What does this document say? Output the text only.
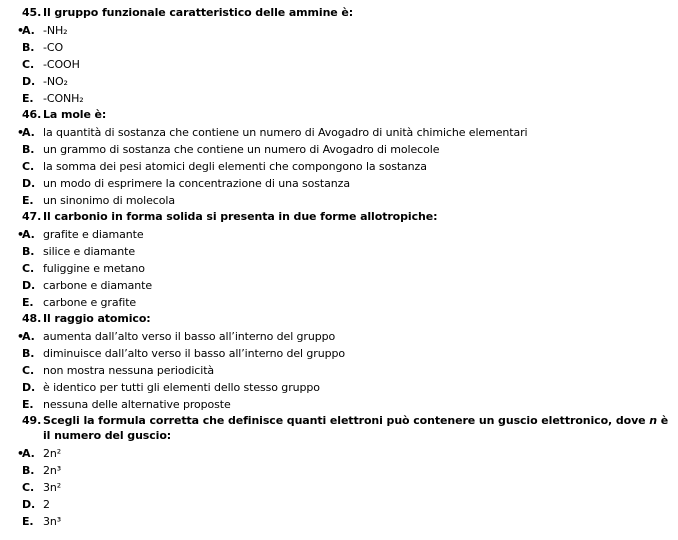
45. Il gruppo funzionale caratteristico delle ammine è:
•
A. -NH₂
B. -CO
C. -COOH
D. -NO₂
E. -CONH₂
46. La mole è:
•
A. la quantità di sostanza che contiene un numero di Avogadro di unità chimiche elementari
B. un grammo di sostanza che contiene un numero di Avogadro di molecole
C. la somma dei pesi atomici degli elementi che compongono la sostanza
D. un modo di esprimere la concentrazione di una sostanza
E. un sinonimo di molecola
47. Il carbonio in forma solida si presenta in due forme allotropiche:
•
A. grafite e diamante
B. silice e diamante
C. fuliggine e metano
D. carbone e diamante
E. carbone e grafite
48. Il raggio atomico:
•
A. aumenta dall’alto verso il basso all’interno del gruppo
B. diminuisce dall’alto verso il basso all’interno del gruppo
C. non mostra nessuna periodicità
D. è identico per tutti gli elementi dello stesso gruppo
E. nessuna delle alternative proposte
49. Scegli la formula corretta che definisce quanti elettroni può contenere un guscio elettronico, dove n è il numero del guscio:
•
A. 2n²
B. 2n³
C. 3n²
D. 2
E. 3n³
